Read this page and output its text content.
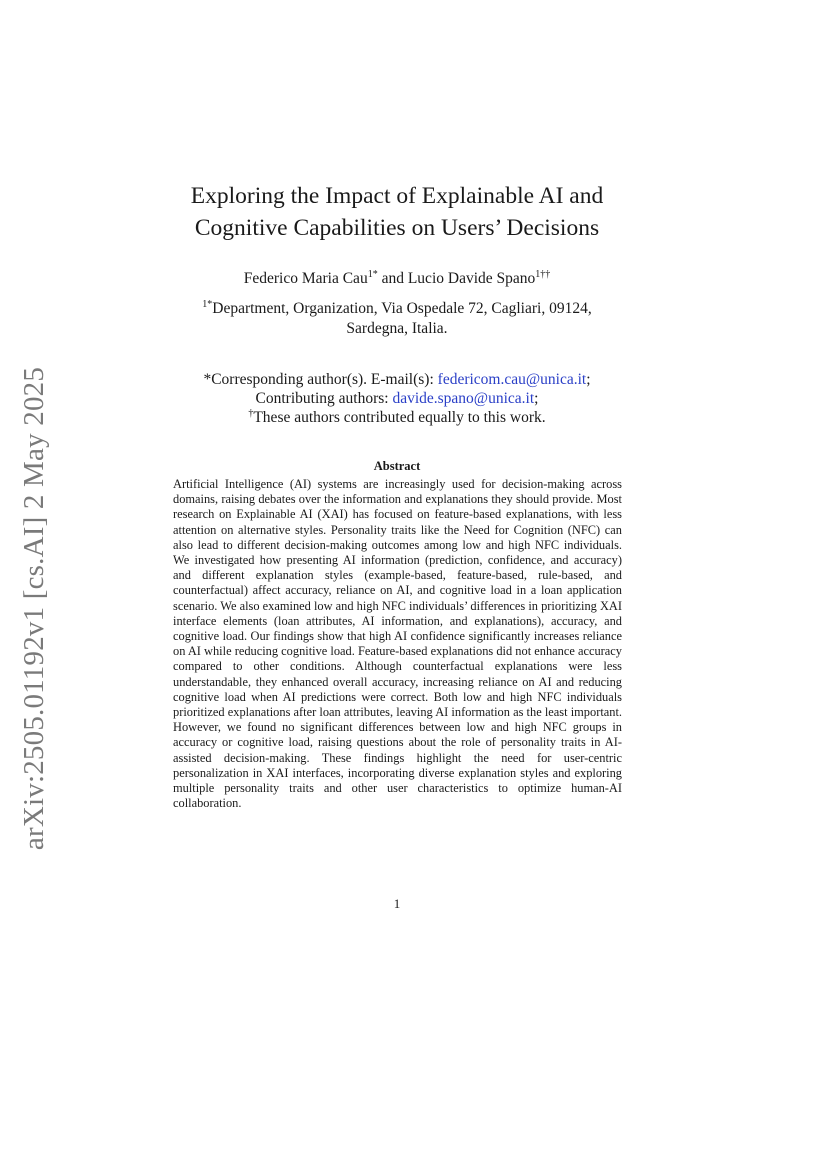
arXiv:2505.01192v1 [cs.AI] 2 May 2025
Exploring the Impact of Explainable AI and
Cognitive Capabilities on Users’ Decisions
Federico Maria Cau$^{1*}$ and Lucio Davide Spano$^{1\dagger\dagger}$
$^{1*}$Department, Organization, Via Ospedale 72, Cagliari, 09124,
Sardegna, Italia.
*Corresponding author(s). E-mail(s): federicom.cau@unica.it;
Contributing authors: davide.spano@unica.it;
†These authors contributed equally to this work.
Abstract
Artificial Intelligence (AI) systems are increasingly used for decision-making across domains, raising debates over the information and explanations they should provide. Most research on Explainable AI (XAI) has focused on feature-based explanations, with less attention on alternative styles. Personality traits like the Need for Cognition (NFC) can also lead to different decision-making outcomes among low and high NFC individuals. We investigated how presenting AI information (prediction, confidence, and accuracy) and different explanation styles (example-based, feature-based, rule-based, and counterfactual) affect accuracy, reliance on AI, and cognitive load in a loan application scenario. We also examined low and high NFC individuals’ differences in prioritizing XAI interface elements (loan attributes, AI information, and explanations), accuracy, and cognitive load. Our findings show that high AI confidence significantly increases reliance on AI while reducing cognitive load. Feature-based explanations did not enhance accuracy compared to other conditions. Although counterfactual explanations were less understandable, they enhanced overall accuracy, increasing reliance on AI and reducing cognitive load when AI predictions were correct. Both low and high NFC individuals prioritized explanations after loan attributes, leaving AI information as the least important. However, we found no significant differences between low and high NFC groups in accuracy or cognitive load, raising questions about the role of personality traits in AI-assisted decision-making. These findings highlight the need for user-centric personalization in XAI interfaces, incorporating diverse explanation styles and exploring multiple personality traits and other user characteristics to optimize human-AI collaboration.
1
